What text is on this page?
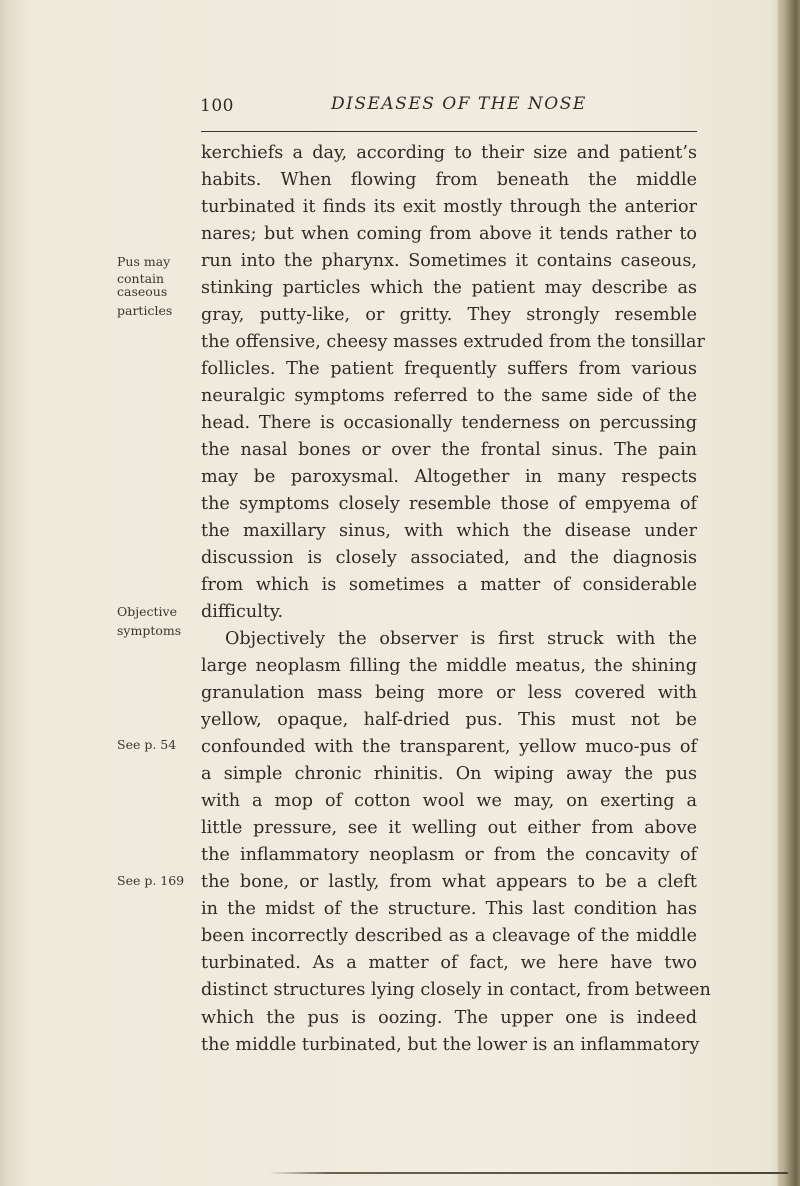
100	DISEASES OF THE NOSE
kerchiefs a day, according to their size and patient’s
habits. When flowing from beneath the middle
turbinated it finds its exit mostly through the anterior
nares; but when coming from above it tends rather to
run into the pharynx. Sometimes it contains caseous,
stinking particles which the patient may describe as
gray, putty-like, or gritty. They strongly resemble
the offensive, cheesy masses extruded from the tonsillar
follicles. The patient frequently suffers from various
neuralgic symptoms referred to the same side of the
head. There is occasionally tenderness on percussing
the nasal bones or over the frontal sinus. The pain
may be paroxysmal. Altogether in many respects
the symptoms closely resemble those of empyema of
the maxillary sinus, with which the disease under
discussion is closely associated, and the diagnosis
from which is sometimes a matter of considerable
difficulty.
Objectively the observer is first struck with the
large neoplasm filling the middle meatus, the shining
granulation mass being more or less covered with
yellow, opaque, half-dried pus. This must not be
confounded with the transparent, yellow muco-pus of
a simple chronic rhinitis. On wiping away the pus
with a mop of cotton wool we may, on exerting a
little pressure, see it welling out either from above
the inflammatory neoplasm or from the concavity of
the bone, or lastly, from what appears to be a cleft
in the midst of the structure. This last condition has
been incorrectly described as a cleavage of the middle
turbinated. As a matter of fact, we here have two
distinct structures lying closely in contact, from between
which the pus is oozing. The upper one is indeed
the middle turbinated, but the lower is an inflammatory
Pus may
contain
caseous
particles
Objective
symptoms
See p. 54
See p. 169
